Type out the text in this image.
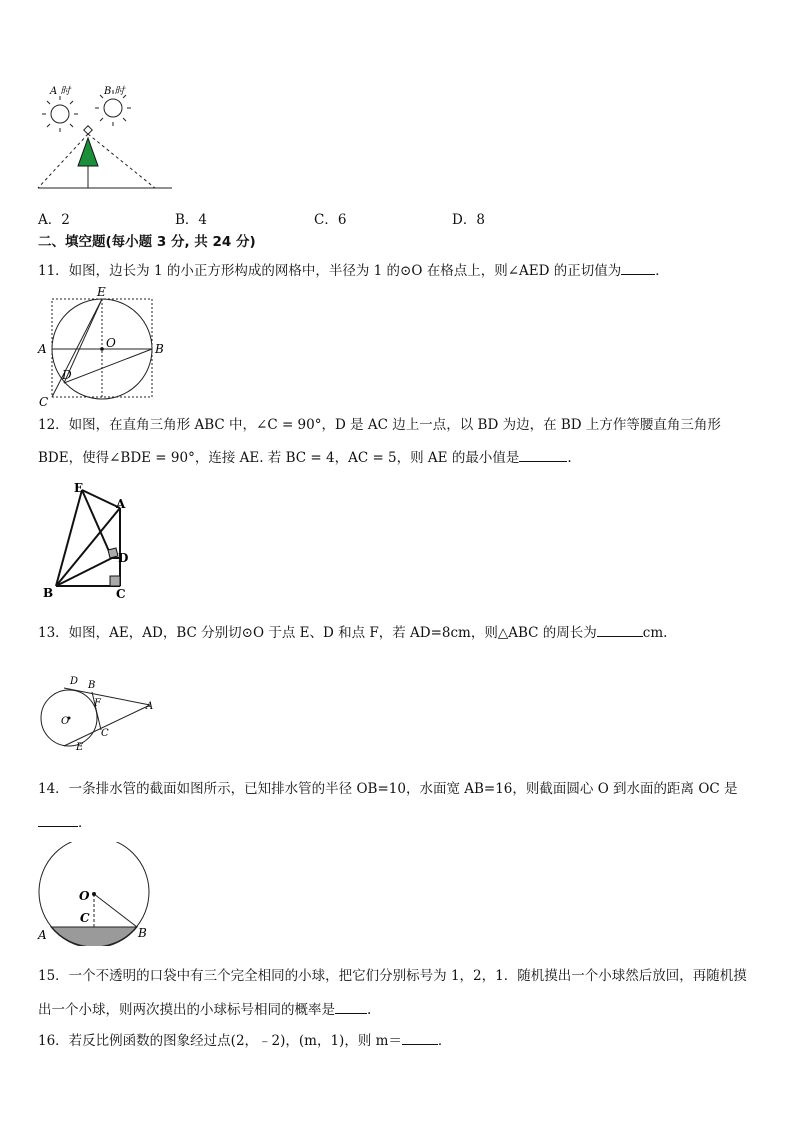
A 时	B 时
A．2	B．4	C．6	D．8
二、填空题(每小题 3 分, 共 24 分)
11．如图，边长为 1 的小正方形构成的网格中，半径为 1 的⊙O 在格点上，则∠AED 的正切值为	．
E
A	O	B
D
C
12．如图，在直角三角形 ABC 中，∠C = 90°，D 是 AC 边上一点，以 BD 为边，在 BD 上方作等腰直角三角形
BDE，使得∠BDE = 90°，连接 AE. 若 BC = 4，AC = 5，则 AE 的最小值是	.
E
A
D
B	C
13．如图，AE，AD，BC 分别切⊙O 于点 E、D 和点 F，若 AD=8cm，则△ABC 的周长为	cm.
D B
F	A
O
C
E
14．一条排水管的截面如图所示，已知排水管的半径 OB=10，水面宽 AB=16，则截面圆心 O 到水面的距离 OC 是
．
O
C
A	B
15．一个不透明的口袋中有三个完全相同的小球，把它们分别标号为 1，2，1．随机摸出一个小球然后放回，再随机摸
出一个小球，则两次摸出的小球标号相同的概率是 .
16．若反比例函数的图象经过点(2，﹣2)，(m，1)，则 m＝	．
